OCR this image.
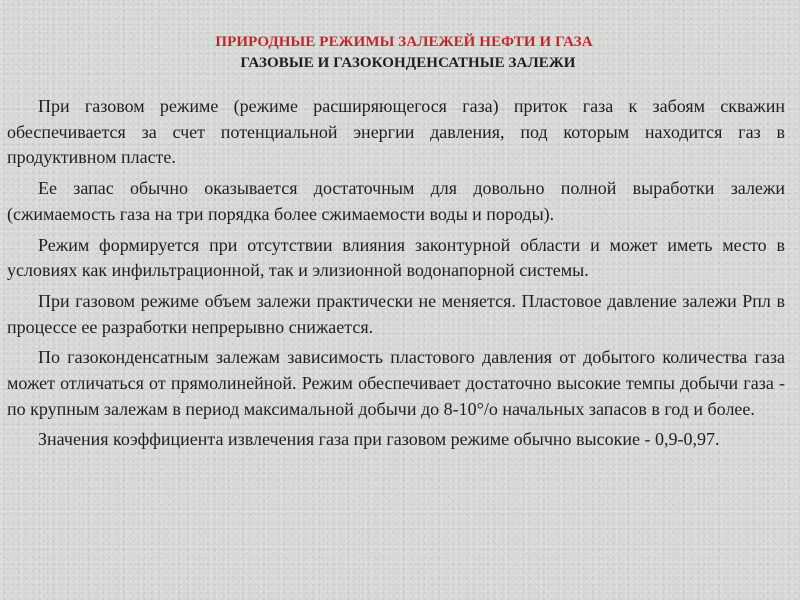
ПРИРОДНЫЕ РЕЖИМЫ ЗАЛЕЖЕЙ НЕФТИ И ГАЗА
ГАЗОВЫЕ И ГАЗОКОНДЕНСАТНЫЕ ЗАЛЕЖИ

При газовом режиме (режиме расширяющегося газа) приток газа к забоям скважин обеспечивается за счет потенциальной энергии давления, под которым находится газ в продуктивном пласте.

Ее запас обычно оказывается достаточным для довольно полной выработки залежи (сжимаемость газа на три порядка более сжимаемости воды и породы).

Режим формируется при отсутствии влияния законтурной области и может иметь место в условиях как инфильтрационной, так и элизионной водонапорной системы.

При газовом режиме объем залежи практически не меняется. Пластовое давление залежи Рпл в процессе ее разработки непрерывно снижается.

По газоконденсатным залежам зависимость пластового давления от добытого количества газа может отличаться от прямолинейной. Режим обеспечивает достаточно высокие темпы добычи газа - по крупным залежам в период максимальной добычи до 8-10°/о начальных запасов в год и более.

Значения коэффициента извлечения газа при газовом режиме обычно высокие - 0,9-0,97.
